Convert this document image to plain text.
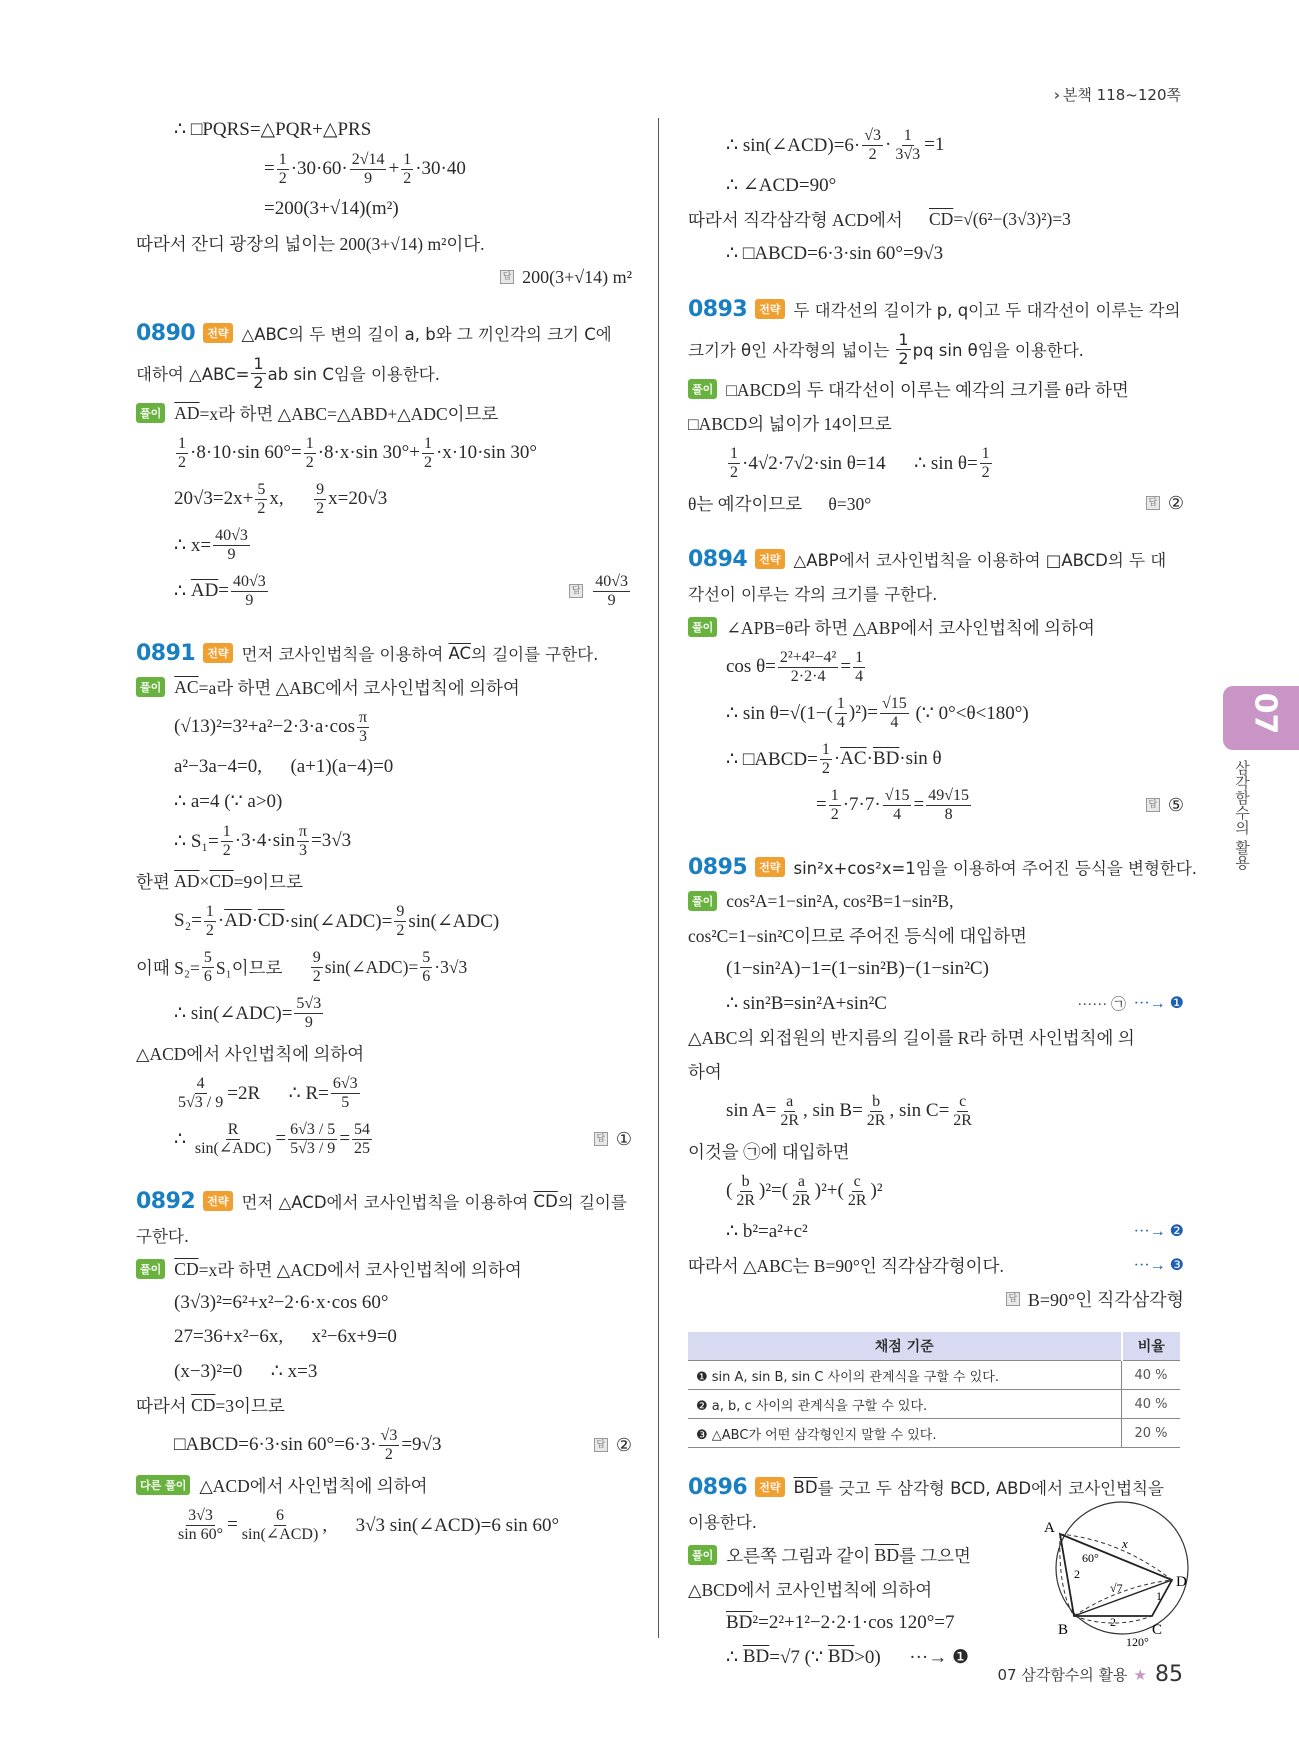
› 본책 118~120쪽
∴ □PQRS=△PQR+△PRS
= $\frac{1}{2} \cdot 30\cdot 60\cdot \frac{2√14}{9} + \frac{1}{2} \cdot 30\cdot 40$
=200(3+√14)(m²)
따라서 잔디 광장의 넓이는 200(3+√14) m²이다.
답 200(3+√14) m²
0890	전략 △ABC의 두 변의 길이 a, b와 그 끼인각의 크기 C에
대하여 △ABC= $\frac{1}{2}$ ab sin C임을 이용한다.
풀이 $\overline{AD} =x$라 하면 △ABC=△ABD+△ADC이므로
$\frac{1}{2} \cdot 8\cdot 10\cdot\sin$ $60^\circ= \frac{1}{2} \cdot 8\cdot x\cdot\sin$ $30^\circ+ \frac{1}{2} \cdot x\cdot 10\cdot\sin$ 30°
$20√3=2x+ \frac{5}{2} x$, $\frac{9}{2} x=20√3$
∴ $x= \frac{40√3}{9}$
∴ $\overline{AD} = \frac{40√3}{9}$	답 $\frac{40√3}{9}$
0891	전략 먼저 코사인법칙을 이용하여 $\overline{AC}$ 의 길이를 구한다.
풀이 $\overline{AC} =a$라 하면 △ABC에서 코사인법칙에 의하여
$(√13)^2=3^2+a^2-2\cdot 3\cdot a\cdot\cos \frac{\pi}{3}$
a²−3a−4=0,      (a+1)(a−4)=0
∴ a=4 (∵ a>0)
∴ $S_1= \frac{1}{2} \cdot 3\cdot 4\cdot\sin \frac{\pi}{3} =3√3$
한편 $\overline{AD} \times \overline{CD} =9$이므로
$S_2= \frac{1}{2} \cdot \overline{AD} \cdot \overline{CD}$ ·sin(∠ADC)= $\frac{9}{2}$ sin(∠ADC)
이때 $S_2= \frac{5}{6} S_1$이므로 $\frac{9}{2}$ sin(∠ADC)= $\frac{5}{6} \cdot 3√3$
∴ sin(∠ADC)= $\frac{5√3}{9}$
△ACD에서 사인법칙에 의하여
$\frac{4}{5√3 / 9} =2R$      ∴ $R= \frac{6√3}{5}$
∴ $\frac{R}{\text{sin(∠ADC)}} = \frac{6√3 / 5}{5√3 / 9} = \frac{54}{25}$	답 ①
0892	전략 먼저 △ACD에서 코사인법칙을 이용하여 $\overline{CD}$ 의 길이를
구한다.
풀이 $\overline{CD} =x$라 하면 △ACD에서 코사인법칙에 의하여
(3√3)²=6²+x²−2·6·x·cos 60°
27=36+x²−6x,      x²−6x+9=0
(x−3)²=0      ∴ x=3
따라서 $\overline{CD} =3$이므로
□ABCD=6·3·sin $60^\circ=6\cdot 3\cdot \frac{√3}{2} =9√3$	답 ②
다른 풀이 △ACD에서 사인법칙에 의하여
$\frac{3√3}{\sin 60^\circ} = \frac{6}{\text{sin(∠ACD)}}$ ,      3√3 sin(∠ACD)=6 sin 60°
∴ sin(∠ACD)=6· $\frac{√3}{2} \cdot \frac{1}{3√3} =1$
∴ ∠ACD=90°
따라서 직각삼각형 ACD에서 $\overline{CD} =√(6^2-(3√3)^2)=3$
∴ □ABCD=6·3·sin 60°=9√3
0893	전략 두 대각선의 길이가 p, q이고 두 대각선이 이루는 각의
크기가 θ인 사각형의 넓이는 $\frac{1}{2}$ pq sin θ임을 이용한다.
풀이 □ABCD의 두 대각선이 이루는 예각의 크기를 θ라 하면
□ABCD의 넓이가 14이므로
$\frac{1}{2} \cdot 4√2\cdot 7√2\cdot\sin$ θ=14      ∴ $\sin \theta= \frac{1}{2}$
θ는 예각이므로      θ=30°	답 ②
0894	전략 △ABP에서 코사인법칙을 이용하여 □ABCD의 두 대
각선이 이루는 각의 크기를 구한다.
풀이 ∠APB=θ라 하면 △ABP에서 코사인법칙에 의하여
$\cos \theta= \frac{\text{2²+4²−4²}}{2\cdot 2\cdot 4} = \frac{1}{4}$
∴ $\sin \theta=√(1-( \frac{1}{4} )^2)= \frac{√15}{4}$ (∵ 0°<θ<180°)
∴ □ABCD= $\frac{1}{2} \cdot \overline{AC} \cdot \overline{BD} \cdot\sin$ θ
= $\frac{1}{2} \cdot 7\cdot 7\cdot \frac{√15}{4} = \frac{49√15}{8}$	답 ⑤
0895	전략 sin²x+cos²x=1임을 이용하여 주어진 등식을 변형한다.
풀이 cos²A=1−sin²A, cos²B=1−sin²B,
cos²C=1−sin²C이므로 주어진 등식에 대입하면
(1−sin²A)−1=(1−sin²B)−(1−sin²C)
∴ sin²B=sin²A+sin²C	······ ㉠ ···→ ❶
△ABC의 외접원의 반지름의 길이를 R라 하면 사인법칙에 의
하여
$\sin A= \frac{a}{2R}$ , $\sin B= \frac{b}{2R}$ , $\sin C= \frac{c}{2R}$
이것을 ㉠에 대입하면
( $\frac{b}{2R} )^2=( \frac{a}{2R} )^2+( \frac{c}{2R} )^2$
∴ b²=a²+c²	···→ ❷
따라서 △ABC는 B=90°인 직각삼각형이다.	···→ ❸
답 B=90°인 직각삼각형
채점 기준	비율
❶ sin A, sin B, sin C 사이의 관계식을 구할 수 있다.	40 %
❷ a, b, c 사이의 관계식을 구할 수 있다.	40 %
❸ △ABC가 어떤 삼각형인지 말할 수 있다.	20 %
0896	전략 $\overline{BD}$ 를 긋고 두 삼각형 BCD, ABD에서 코사인법칙을
이용한다.
풀이 오른쪽 그림과 같이 $\overline{BD}$ 를 그으면
△BCD에서 코사인법칙에 의하여
$\overline{BD}$ ²=2²+1²−2·2·1·cos 120°=7
∴ $\overline{BD} =√7$ (∵ $\overline{BD} >0$)      ···→ ❶
A
B	C
D
x
60°
2
√7
1
2
120°
07
삼각함수의 활용
07 삼각함수의 활용 ★ 85
